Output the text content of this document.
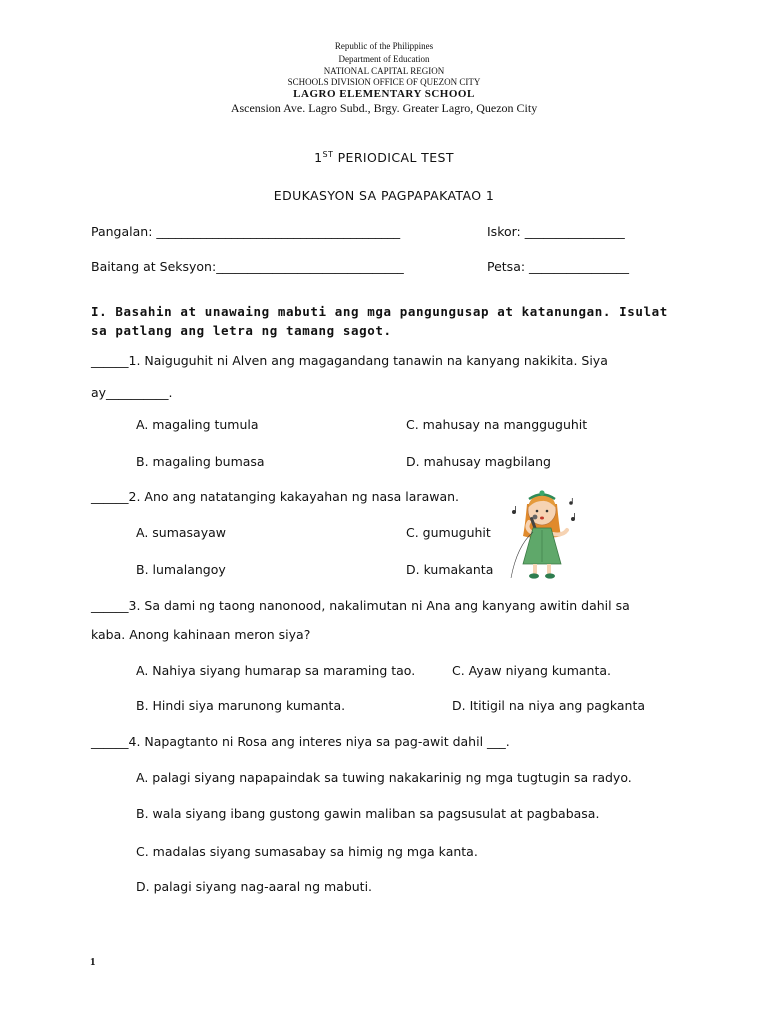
Republic of the Philippines
Department of Education
NATIONAL CAPITAL REGION
SCHOOLS DIVISION OFFICE OF QUEZON CITY
LAGRO ELEMENTARY SCHOOL
Ascension Ave. Lagro Subd., Brgy. Greater Lagro, Quezon City
1ST PERIODICAL TEST
EDUKASYON SA PAGPAPAKATAO 1
Pangalan: _______________________________________	Iskor: ________________
Baitang at Seksyon:______________________________	Petsa: ________________
I. Basahin at unawaing mabuti ang mga pangungusap at katanungan. Isulat sa patlang ang letra ng tamang sagot.
______1. Naiguguhit ni Alven ang magagandang tanawin na kanyang nakikita. Siya
ay__________.
A. magaling tumula	C. mahusay na mangguguhit
B. magaling bumasa	D. mahusay magbilang
______2. Ano ang natatanging kakayahan ng nasa larawan.
A. sumasayaw	C. gumuguhit
B. lumalangoy	D. kumakanta
______3. Sa dami ng taong nanonood, nakalimutan ni Ana ang kanyang awitin dahil sa
kaba. Anong kahinaan meron siya?
A. Nahiya siyang humarap sa maraming tao.	C. Ayaw niyang kumanta.
B. Hindi siya marunong kumanta.	D. Ititigil na niya ang pagkanta
______4. Napagtanto ni Rosa ang interes niya sa pag-awit dahil ___.
A. palagi siyang napapaindak sa tuwing nakakarinig ng mga tugtugin sa radyo.
B. wala siyang ibang gustong gawin maliban sa pagsusulat at pagbabasa.
C. madalas siyang sumasabay sa himig ng mga kanta.
D. palagi siyang nag-aaral ng mabuti.
1
